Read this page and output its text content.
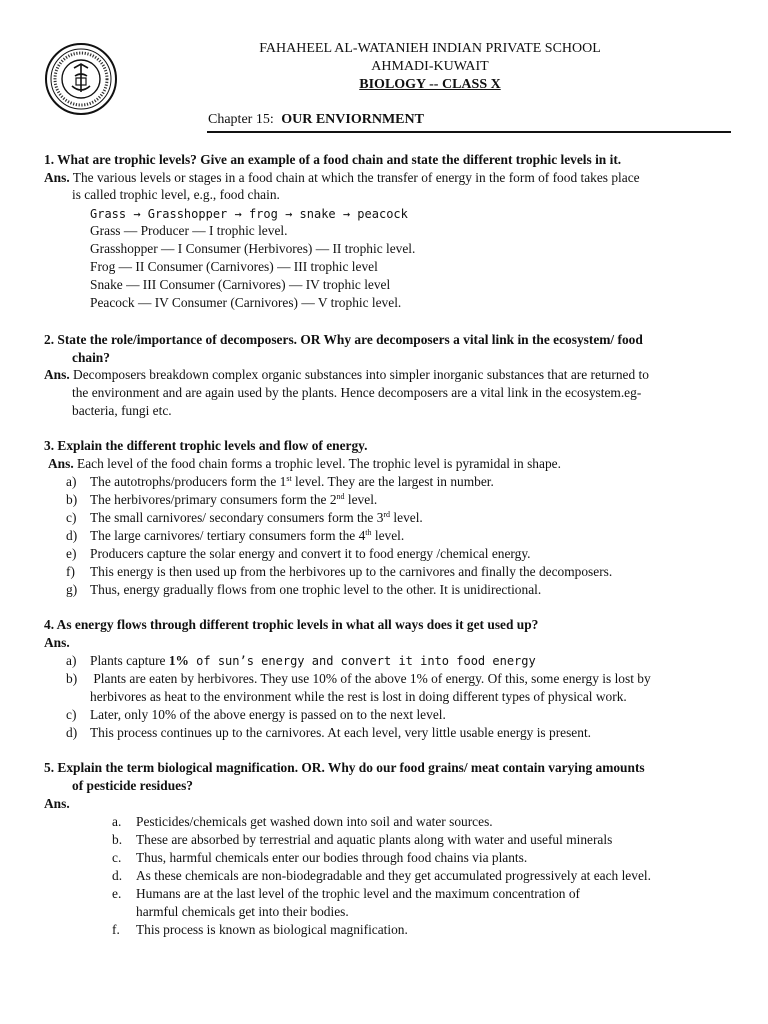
FAHAHEEL AL-WATANIEH INDIAN PRIVATE SCHOOL
AHMADI-KUWAIT
BIOLOGY -- CLASS X
Chapter 15: OUR ENVIORNMENT
1. What are trophic levels? Give an example of a food chain and state the different trophic levels in it.
Ans. The various levels or stages in a food chain at which the transfer of energy in the form of food takes place
is called trophic level, e.g., food chain.
Grass → Grasshopper → frog → snake → peacock
Grass — Producer — I trophic level.
Grasshopper — I Consumer (Herbivores) — II trophic level.
Frog — II Consumer (Carnivores) — III trophic level
Snake — III Consumer (Carnivores) — IV trophic level
Peacock — IV Consumer (Carnivores) — V trophic level.
2. State the role/importance of decomposers. OR Why are decomposers a vital link in the ecosystem/ food
chain?
Ans. Decomposers breakdown complex organic substances into simpler inorganic substances that are returned to
the environment and are again used by the plants. Hence decomposers are a vital link in the ecosystem.eg-
bacteria, fungi etc.
3. Explain the different trophic levels and flow of energy.
Ans. Each level of the food chain forms a trophic level. The trophic level is pyramidal in shape.
a) The autotrophs/producers form the 1st level. They are the largest in number.
b) The herbivores/primary consumers form the 2nd level.
c) The small carnivores/ secondary consumers form the 3rd level.
d) The large carnivores/ tertiary consumers form the 4th level.
e) Producers capture the solar energy and convert it to food energy /chemical energy.
f) This energy is then used up from the herbivores up to the carnivores and finally the decomposers.
g) Thus, energy gradually flows from one trophic level to the other. It is unidirectional.
4. As energy flows through different trophic levels in what all ways does it get used up?
Ans.
a) Plants capture 1% of sun’s energy and convert it into food energy
b) Plants are eaten by herbivores. They use 10% of the above 1% of energy. Of this, some energy is lost by
herbivores as heat to the environment while the rest is lost in doing different types of physical work.
c) Later, only 10% of the above energy is passed on to the next level.
d) This process continues up to the carnivores. At each level, very little usable energy is present.
5. Explain the term biological magnification. OR. Why do our food grains/ meat contain varying amounts
of pesticide residues?
Ans.
a. Pesticides/chemicals get washed down into soil and water sources.
b. These are absorbed by terrestrial and aquatic plants along with water and useful minerals
c. Thus, harmful chemicals enter our bodies through food chains via plants.
d. As these chemicals are non-biodegradable and they get accumulated progressively at each level.
e. Humans are at the last level of the trophic level and the maximum concentration of
harmful chemicals get into their bodies.
f. This process is known as biological magnification.
